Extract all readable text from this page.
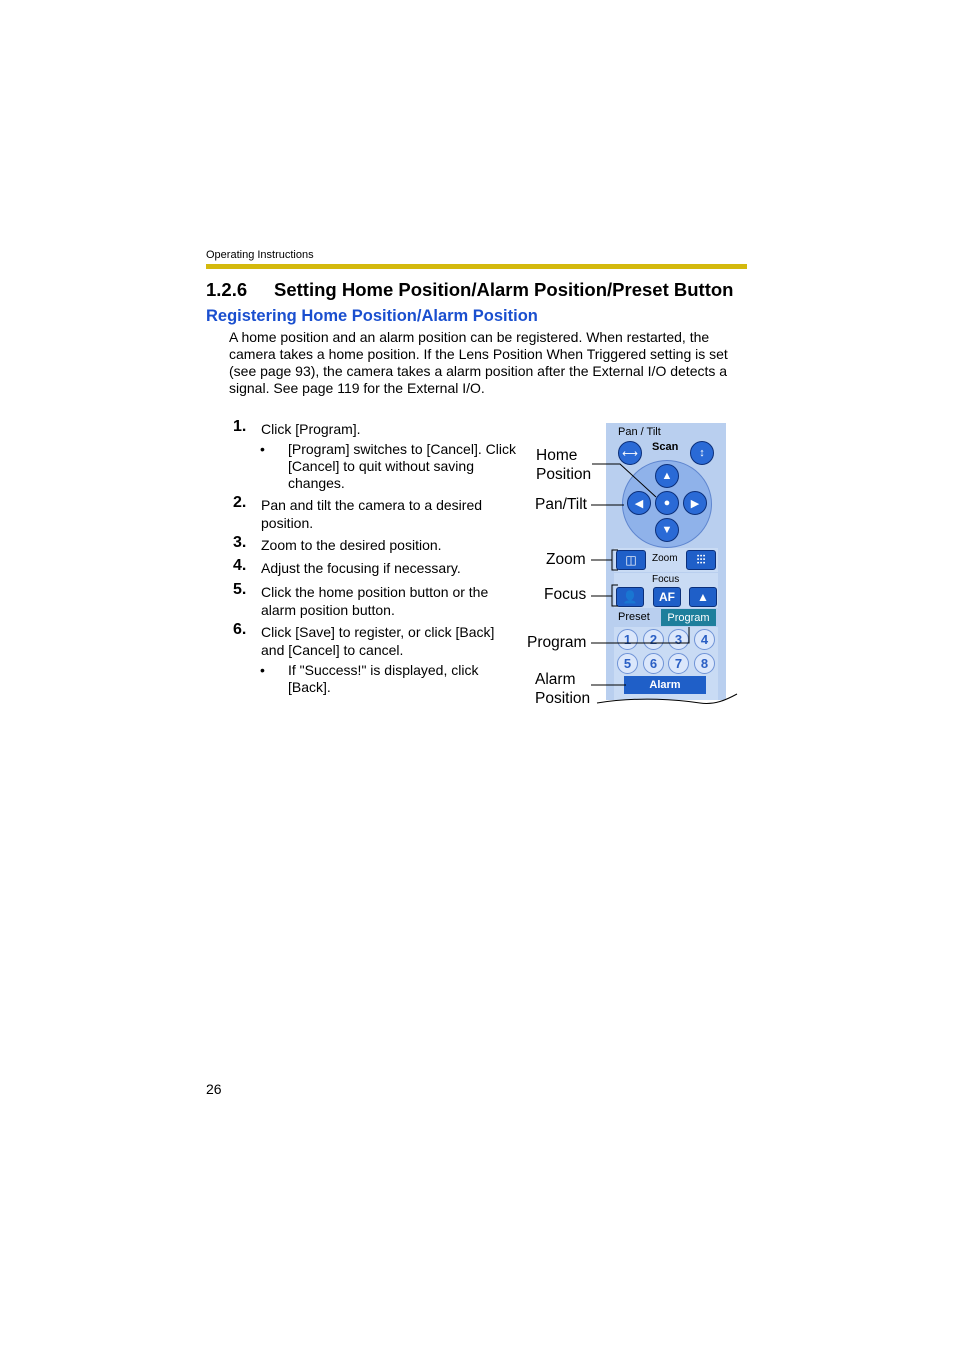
Operating Instructions
1.2.6 Setting Home Position/Alarm Position/Preset Button
Registering Home Position/Alarm Position
A home position and an alarm position can be registered. When restarted, the camera takes a home position. If the Lens Position When Triggered setting is set (see page 93), the camera takes a alarm position after the External I/O detects a signal. See page 119 for the External I/O.
1. Click [Program].
• [Program] switches to [Cancel]. Click [Cancel] to quit without saving changes.
2. Pan and tilt the camera to a desired position.
3. Zoom to the desired position.
4. Adjust the focusing if necessary.
5. Click the home position button or the alarm position button.
6. Click [Save] to register, or click [Back] and [Cancel] to cancel.
• If "Success!" is displayed, click [Back].
Pan / Tilt
Scan
⟷	↕
▲
◀ ● ▶
▼
◫ Zoom ⫶⫶⫶
Focus
👤 AF ▲
Preset Program
1	2	3	4
5	6	7	8
Alarm
Home
Position
Pan/Tilt
Zoom
Focus
Program
Alarm
Position
26
